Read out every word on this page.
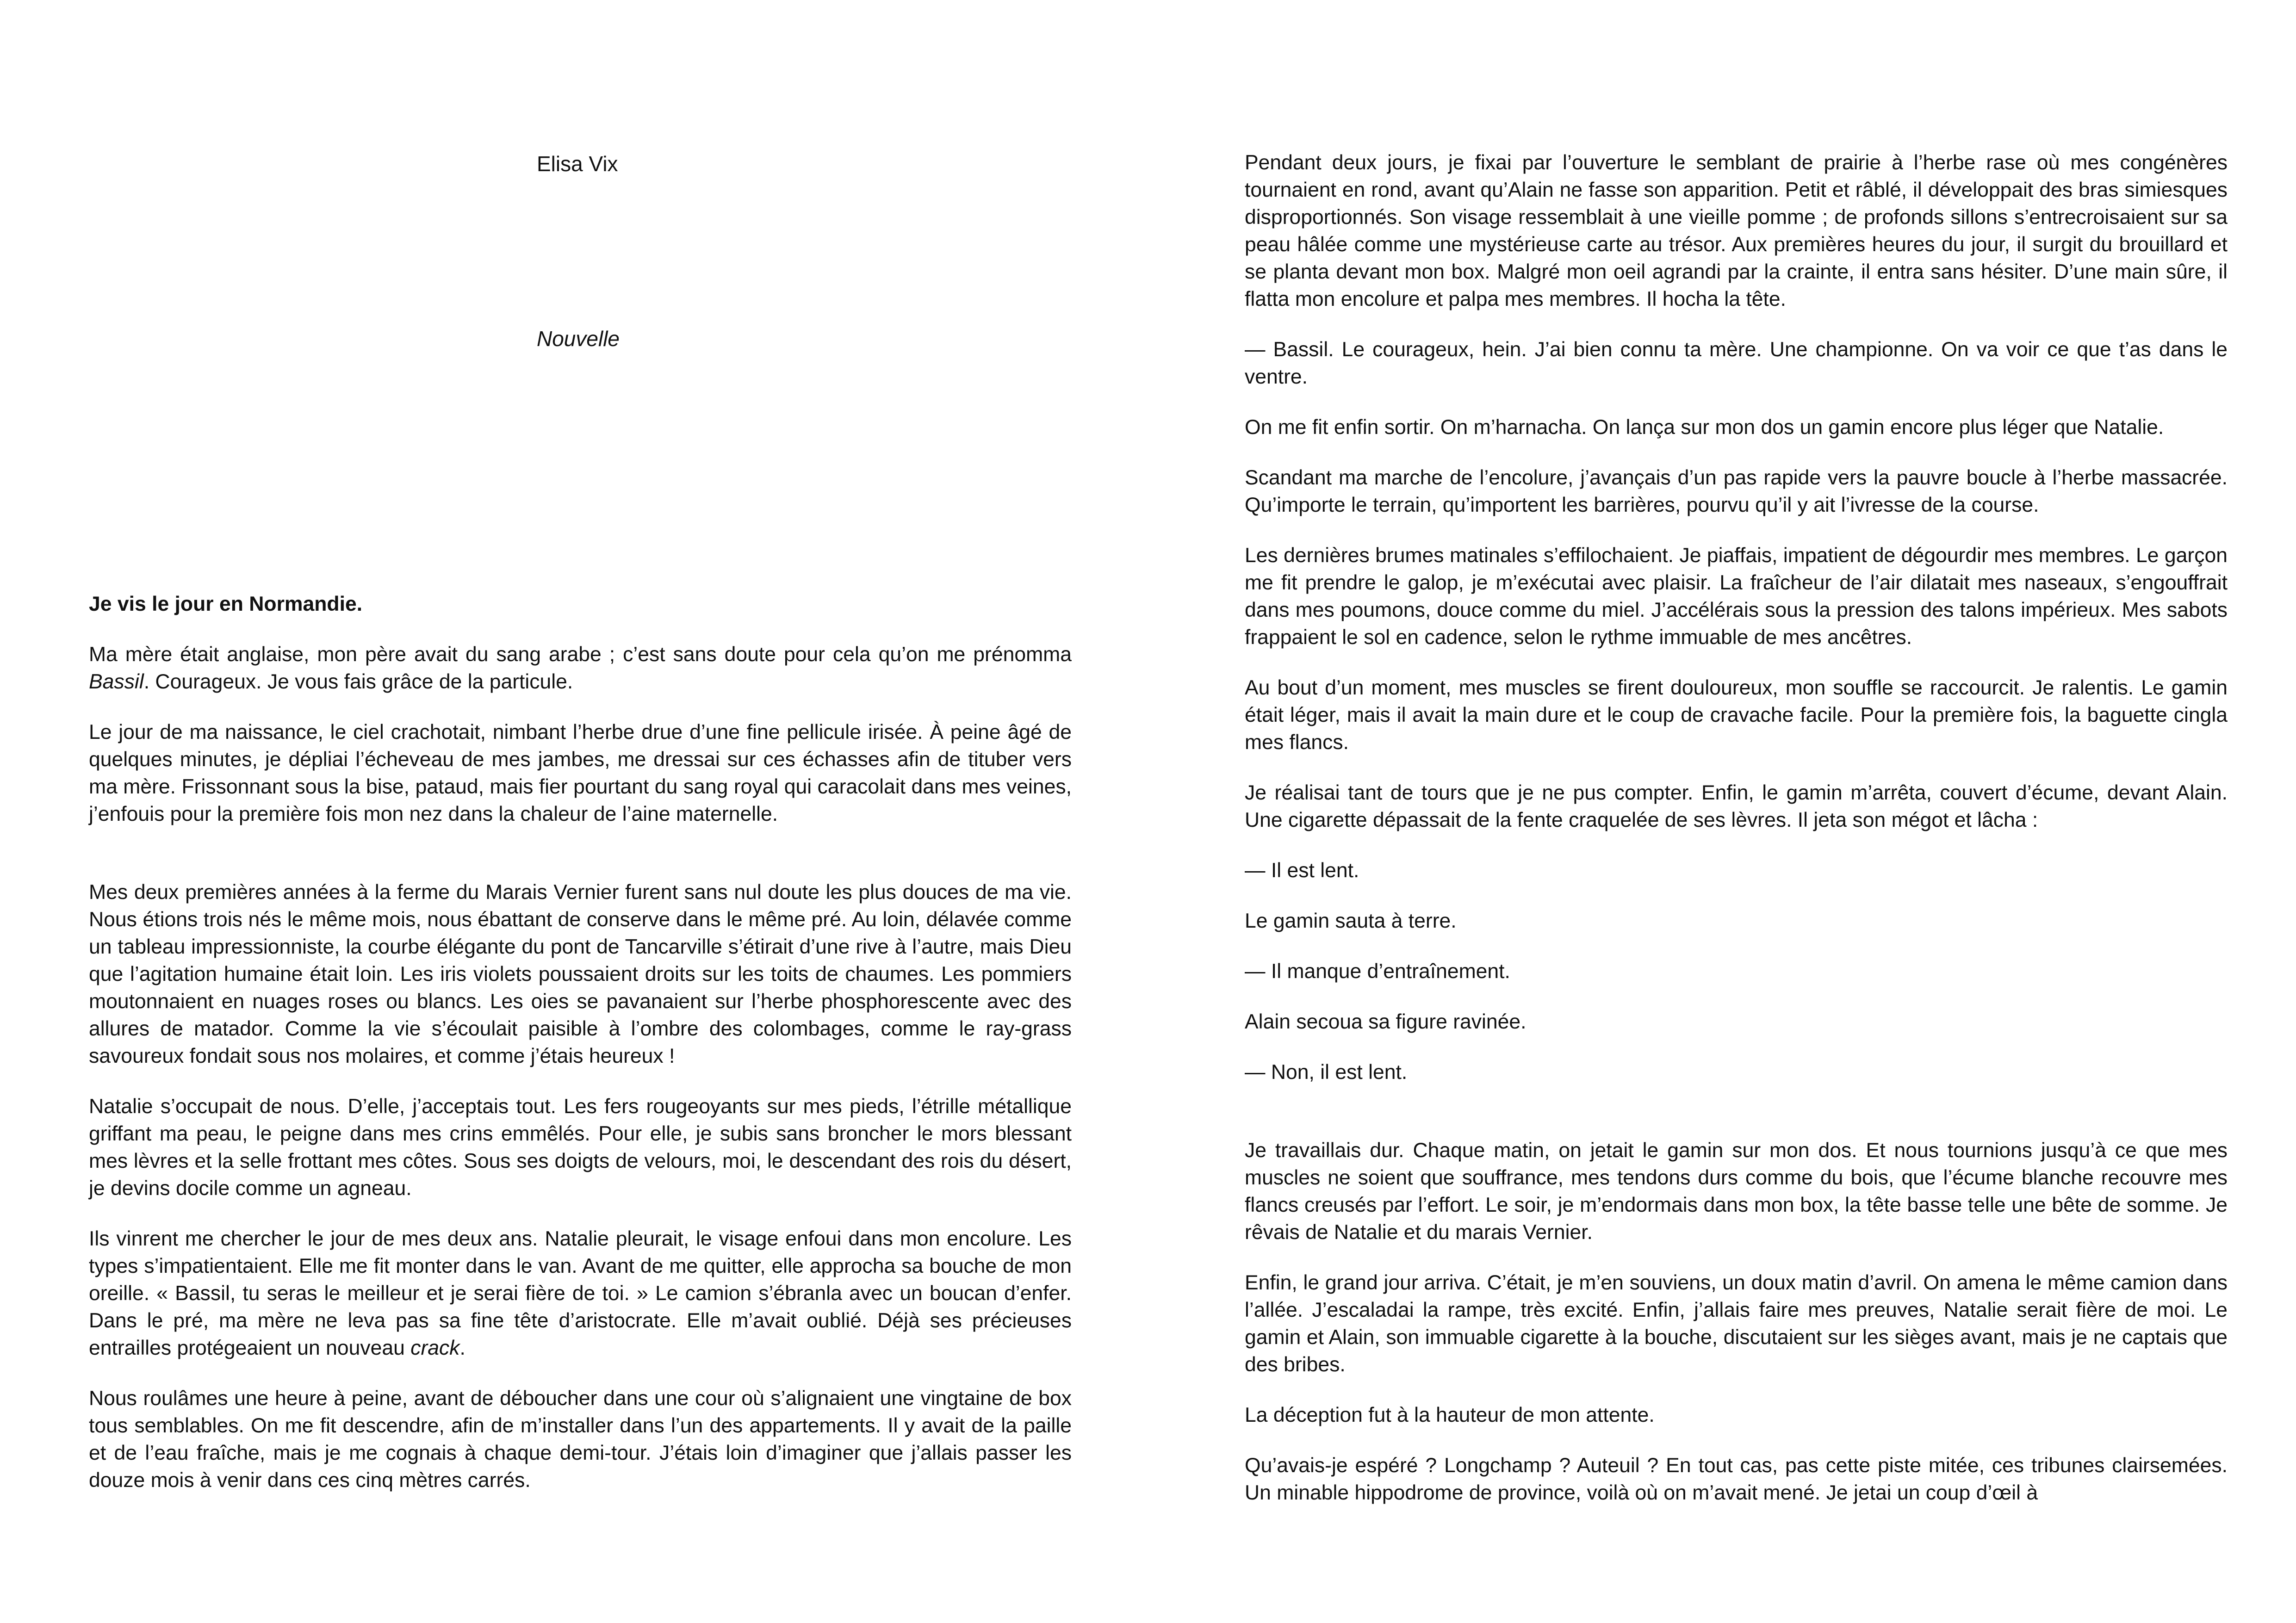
Elisa Vix
Nouvelle

Je vis le jour en Normandie.

Ma mère était anglaise, mon père avait du sang arabe ; c’est sans doute pour cela qu’on me prénomma Bassil. Courageux. Je vous fais grâce de la particule.

Le jour de ma naissance, le ciel crachotait, nimbant l’herbe drue d’une fine pellicule irisée. À peine âgé de quelques minutes, je dépliai l’écheveau de mes jambes, me dressai sur ces échasses afin de tituber vers ma mère. Frissonnant sous la bise, pataud, mais fier pourtant du sang royal qui caracolait dans mes veines, j’enfouis pour la première fois mon nez dans la chaleur de l’aine maternelle.

Mes deux premières années à la ferme du Marais Vernier furent sans nul doute les plus douces de ma vie. Nous étions trois nés le même mois, nous ébattant de conserve dans le même pré. Au loin, délavée comme un tableau impressionniste, la courbe élégante du pont de Tancarville s’étirait d’une rive à l’autre, mais Dieu que l’agitation humaine était loin. Les iris violets poussaient droits sur les toits de chaumes. Les pommiers moutonnaient en nuages roses ou blancs. Les oies se pavanaient sur l’herbe phosphorescente avec des allures de matador. Comme la vie s’écoulait paisible à l’ombre des colombages, comme le ray-grass savoureux fondait sous nos molaires, et comme j’étais heureux !

Natalie s’occupait de nous. D’elle, j’acceptais tout. Les fers rougeoyants sur mes pieds, l’étrille métallique griffant ma peau, le peigne dans mes crins emmêlés. Pour elle, je subis sans broncher le mors blessant mes lèvres et la selle frottant mes côtes. Sous ses doigts de velours, moi, le descendant des rois du désert, je devins docile comme un agneau.

Ils vinrent me chercher le jour de mes deux ans. Natalie pleurait, le visage enfoui dans mon encolure. Les types s’impatientaient. Elle me fit monter dans le van. Avant de me quitter, elle approcha sa bouche de mon oreille. « Bassil, tu seras le meilleur et je serai fière de toi. » Le camion s’ébranla avec un boucan d’enfer. Dans le pré, ma mère ne leva pas sa fine tête d’aristocrate. Elle m’avait oublié. Déjà ses précieuses entrailles protégeaient un nouveau crack.

Nous roulâmes une heure à peine, avant de déboucher dans une cour où s’alignaient une vingtaine de box tous semblables. On me fit descendre, afin de m’installer dans l’un des appartements. Il y avait de la paille et de l’eau fraîche, mais je me cognais à chaque demi-tour. J’étais loin d’imaginer que j’allais passer les douze mois à venir dans ces cinq mètres carrés.

Pendant deux jours, je fixai par l’ouverture le semblant de prairie à l’herbe rase où mes congénères tournaient en rond, avant qu’Alain ne fasse son apparition. Petit et râblé, il développait des bras simiesques disproportionnés. Son visage ressemblait à une vieille pomme ; de profonds sillons s’entrecroisaient sur sa peau hâlée comme une mystérieuse carte au trésor. Aux premières heures du jour, il surgit du brouillard et se planta devant mon box. Malgré mon oeil agrandi par la crainte, il entra sans hésiter. D’une main sûre, il flatta mon encolure et palpa mes membres. Il hocha la tête.

— Bassil. Le courageux, hein. J’ai bien connu ta mère. Une championne. On va voir ce que t’as dans le ventre.

On me fit enfin sortir. On m’harnacha. On lança sur mon dos un gamin encore plus léger que Natalie.

Scandant ma marche de l’encolure, j’avançais d’un pas rapide vers la pauvre boucle à l’herbe massacrée. Qu’importe le terrain, qu’importent les barrières, pourvu qu’il y ait l’ivresse de la course.

Les dernières brumes matinales s’effilochaient. Je piaffais, impatient de dégourdir mes membres. Le garçon me fit prendre le galop, je m’exécutai avec plaisir. La fraîcheur de l’air dilatait mes naseaux, s’engouffrait dans mes poumons, douce comme du miel. J’accélérais sous la pression des talons impérieux. Mes sabots frappaient le sol en cadence, selon le rythme immuable de mes ancêtres.

Au bout d’un moment, mes muscles se firent douloureux, mon souffle se raccourcit. Je ralentis. Le gamin était léger, mais il avait la main dure et le coup de cravache facile. Pour la première fois, la baguette cingla mes flancs.

Je réalisai tant de tours que je ne pus compter. Enfin, le gamin m’arrêta, couvert d’écume, devant Alain. Une cigarette dépassait de la fente craquelée de ses lèvres. Il jeta son mégot et lâcha :

— Il est lent.

Le gamin sauta à terre.

— Il manque d’entraînement.

Alain secoua sa figure ravinée.

— Non, il est lent.

Je travaillais dur. Chaque matin, on jetait le gamin sur mon dos. Et nous tournions jusqu’à ce que mes muscles ne soient que souffrance, mes tendons durs comme du bois, que l’écume blanche recouvre mes flancs creusés par l’effort. Le soir, je m’endormais dans mon box, la tête basse telle une bête de somme. Je rêvais de Natalie et du marais Vernier.

Enfin, le grand jour arriva. C’était, je m’en souviens, un doux matin d’avril. On amena le même camion dans l’allée. J’escaladai la rampe, très excité. Enfin, j’allais faire mes preuves, Natalie serait fière de moi. Le gamin et Alain, son immuable cigarette à la bouche, discutaient sur les sièges avant, mais je ne captais que des bribes.

La déception fut à la hauteur de mon attente.

Qu’avais-je espéré ? Longchamp ? Auteuil ? En tout cas, pas cette piste mitée, ces tribunes clairsemées. Un minable hippodrome de province, voilà où on m’avait mené. Je jetai un coup d’œil à
